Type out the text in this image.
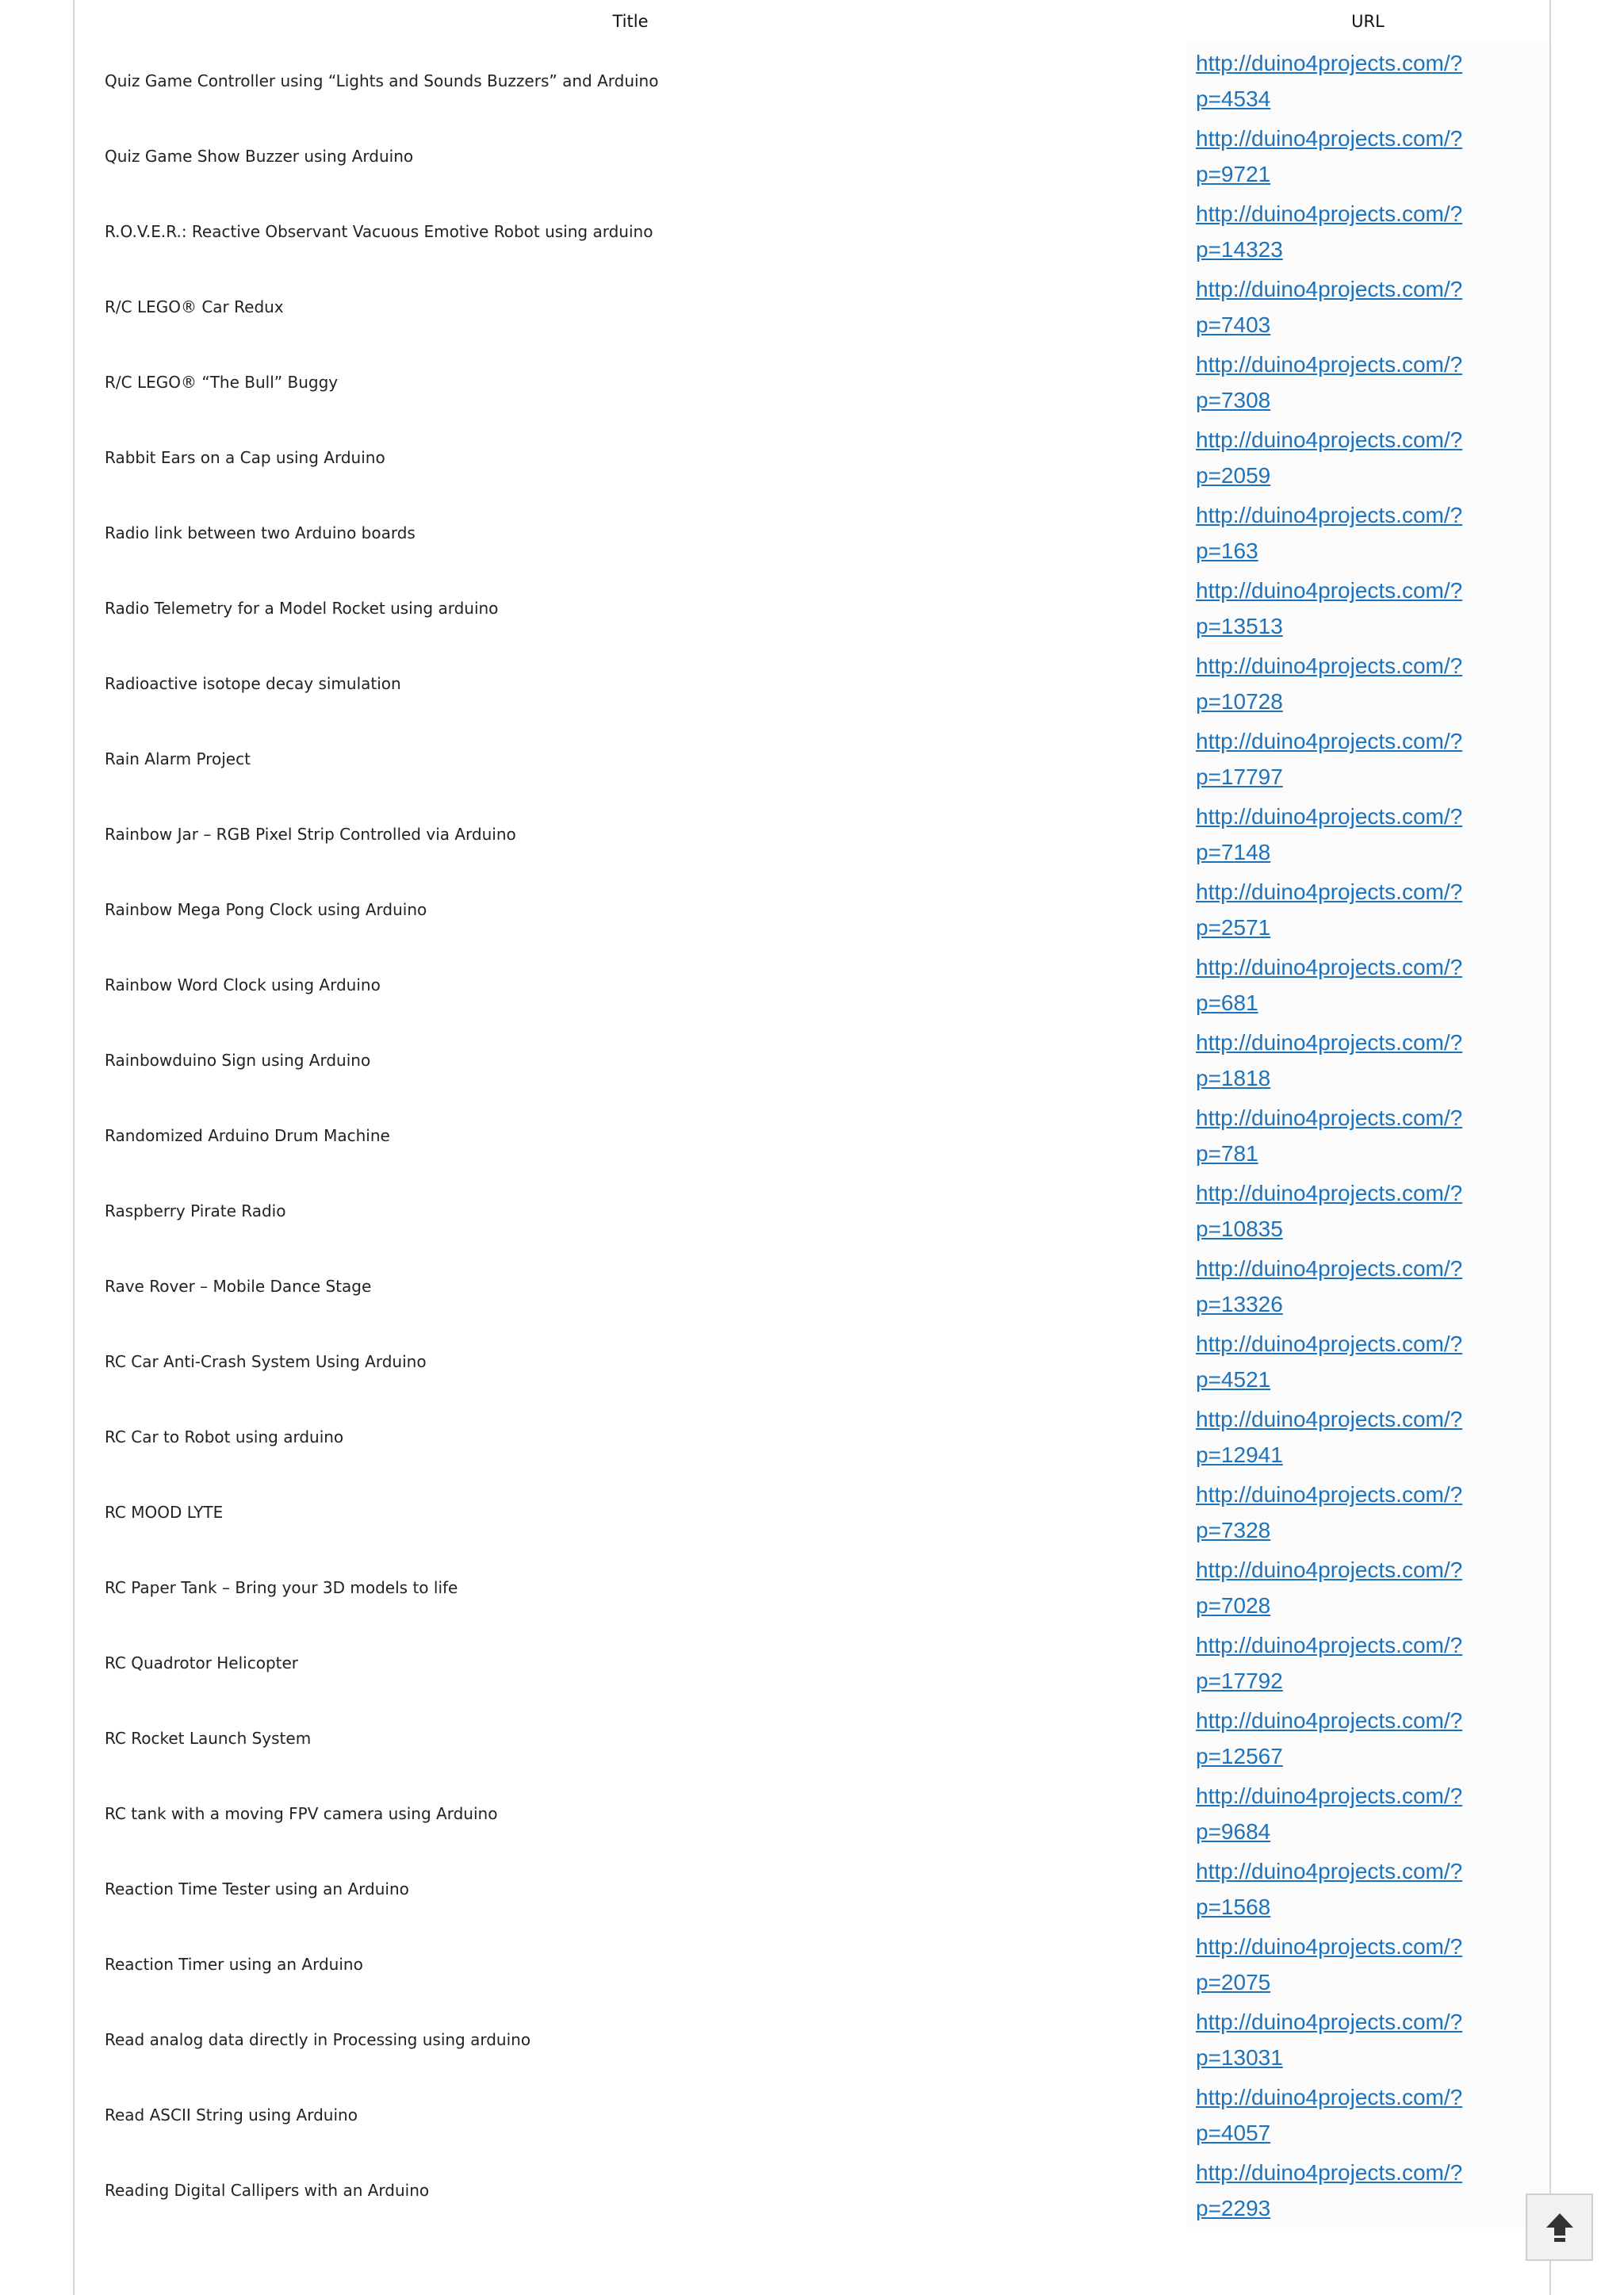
Title	URL
Quiz Game Controller using “Lights and Sounds Buzzers” and Arduino	http://duino4projects.com/?p=4534

Quiz Game Show Buzzer using Arduino	http://duino4projects.com/?p=9721

R.O.V.E.R.: Reactive Observant Vacuous Emotive Robot using arduino	http://duino4projects.com/?p=14323

R/C LEGO® Car Redux	http://duino4projects.com/?p=7403

R/C LEGO® “The Bull” Buggy	http://duino4projects.com/?p=7308

Rabbit Ears on a Cap using Arduino	http://duino4projects.com/?p=2059

Radio link between two Arduino boards	http://duino4projects.com/?p=163

Radio Telemetry for a Model Rocket using arduino	http://duino4projects.com/?p=13513

Radioactive isotope decay simulation	http://duino4projects.com/?p=10728

Rain Alarm Project	http://duino4projects.com/?p=17797

Rainbow Jar – RGB Pixel Strip Controlled via Arduino	http://duino4projects.com/?p=7148

Rainbow Mega Pong Clock using Arduino	http://duino4projects.com/?p=2571

Rainbow Word Clock using Arduino	http://duino4projects.com/?p=681

Rainbowduino Sign using Arduino	http://duino4projects.com/?p=1818

Randomized Arduino Drum Machine	http://duino4projects.com/?p=781

Raspberry Pirate Radio	http://duino4projects.com/?p=10835

Rave Rover – Mobile Dance Stage	http://duino4projects.com/?p=13326

RC Car Anti-Crash System Using Arduino	http://duino4projects.com/?p=4521

RC Car to Robot using arduino	http://duino4projects.com/?p=12941

RC MOOD LYTE	http://duino4projects.com/?p=7328

RC Paper Tank – Bring your 3D models to life	http://duino4projects.com/?p=7028

RC Quadrotor Helicopter	http://duino4projects.com/?p=17792

RC Rocket Launch System	http://duino4projects.com/?p=12567

RC tank with a moving FPV camera using Arduino	http://duino4projects.com/?p=9684

Reaction Time Tester using an Arduino	http://duino4projects.com/?p=1568

Reaction Timer using an Arduino	http://duino4projects.com/?p=2075

Read analog data directly in Processing using arduino	http://duino4projects.com/?p=13031

Read ASCII String using Arduino	http://duino4projects.com/?p=4057

Reading Digital Callipers with an Arduino	http://duino4projects.com/?p=2293
